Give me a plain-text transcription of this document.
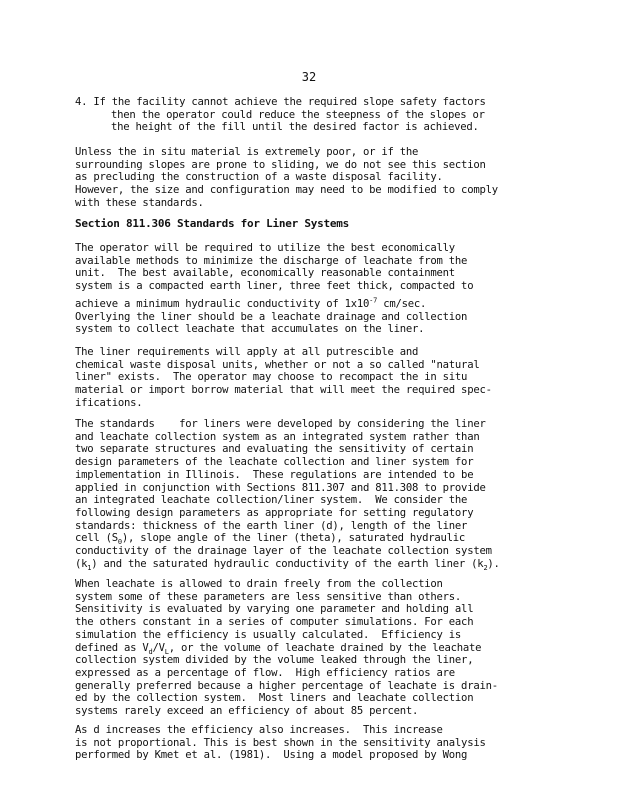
32
4. If the facility cannot achieve the required slope safety factors
then the operator could reduce the steepness of the slopes or
the height of the fill until the desired factor is achieved.
Unless the in situ material is extremely poor, or if the
surrounding slopes are prone to sliding, we do not see this section
as precluding the construction of a waste disposal facility.
However, the size and configuration may need to be modified to comply
with these standards.
Section 811.306 Standards for Liner Systems
The operator will be required to utilize the best economically
available methods to minimize the discharge of leachate from the
unit.  The best available, economically reasonable containment
system is a compacted earth liner, three feet thick, compacted to
achieve a minimum hydraulic conductivity of $1x10^{-7}$ cm/sec.
Overlying the liner should be a leachate drainage and collection
system to collect leachate that accumulates on the liner.
The liner requirements will apply at all putrescible and
chemical waste disposal units, whether or not a so called "natural
liner" exists.  The operator may choose to recompact the in situ
material or import borrow material that will meet the required spec-
ifications.
The standards    for liners were developed by considering the liner
and leachate collection system as an integrated system rather than
two separate structures and evaluating the sensitivity of certain
design parameters of the leachate collection and liner system for
implementation in Illinois.  These regulations are intended to be
applied in conjunction with Sections 811.307 and 811.308 to provide
an integrated leachate collection/liner system.  We consider the
following design parameters as appropriate for setting regulatory
standards: thickness of the earth liner (d), length of the liner
cell $(S_0)$, slope angle of the liner (theta), saturated hydraulic
conductivity of the drainage layer of the leachate collection system
$(k_1)$ and the saturated hydraulic conductivity of the earth liner $(k_2)$.
When leachate is allowed to drain freely from the collection
system some of these parameters are less sensitive than others.
Sensitivity is evaluated by varying one parameter and holding all
the others constant in a series of computer simulations. For each
simulation the efficiency is usually calculated.  Efficiency is
defined as $V_d/V_L$, or the volume of leachate drained by the leachate
collection system divided by the volume leaked through the liner,
expressed as a percentage of flow.  High efficiency ratios are
generally preferred because a higher percentage of leachate is drain-
ed by the collection system.  Most liners and leachate collection
systems rarely exceed an efficiency of about 85 percent.
As d increases the efficiency also increases.  This increase
is not proportional. This is best shown in the sensitivity analysis
performed by Kmet et al. (1981).  Using a model proposed by Wong
